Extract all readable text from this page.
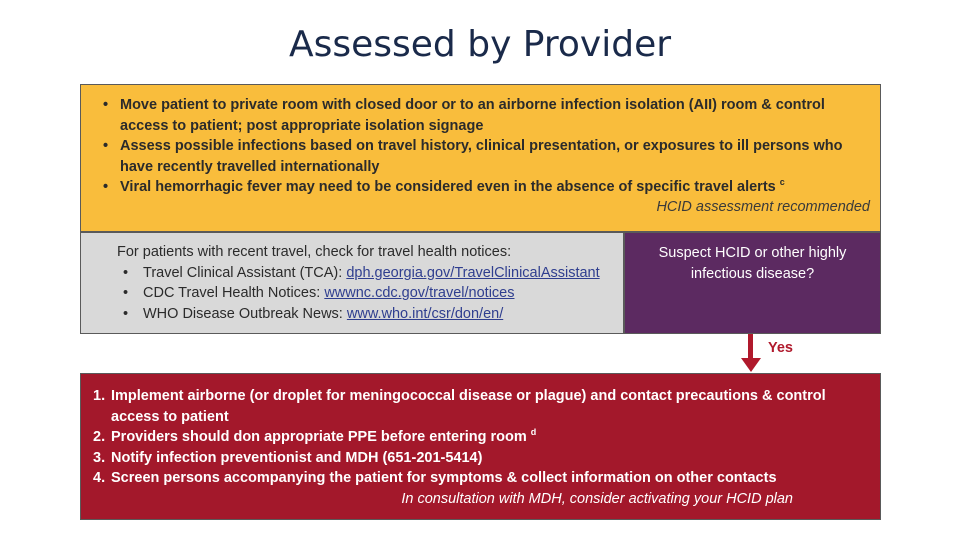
Assessed by Provider
• Move patient to private room with closed door or to an airborne infection isolation (AII) room & control access to patient; post appropriate isolation signage
• Assess possible infections based on travel history, clinical presentation, or exposures to ill persons who have recently travelled internationally
• Viral hemorrhagic fever may need to be considered even in the absence of specific travel alerts $^c$
HCID assessment recommended
For patients with recent travel, check for travel health notices:
• Travel Clinical Assistant (TCA): dph.georgia.gov/TravelClinicalAssistant
• CDC Travel Health Notices: wwwnc.cdc.gov/travel/notices
• WHO Disease Outbreak News: www.who.int/csr/don/en/
Suspect HCID or other highly infectious disease?
Yes
1. Implement airborne (or droplet for meningococcal disease or plague) and contact precautions & control access to patient
2. Providers should don appropriate PPE before entering room $^d$
3. Notify infection preventionist and MDH (651-201-5414)
4. Screen persons accompanying the patient for symptoms & collect information on other contacts
In consultation with MDH, consider activating your HCID plan
